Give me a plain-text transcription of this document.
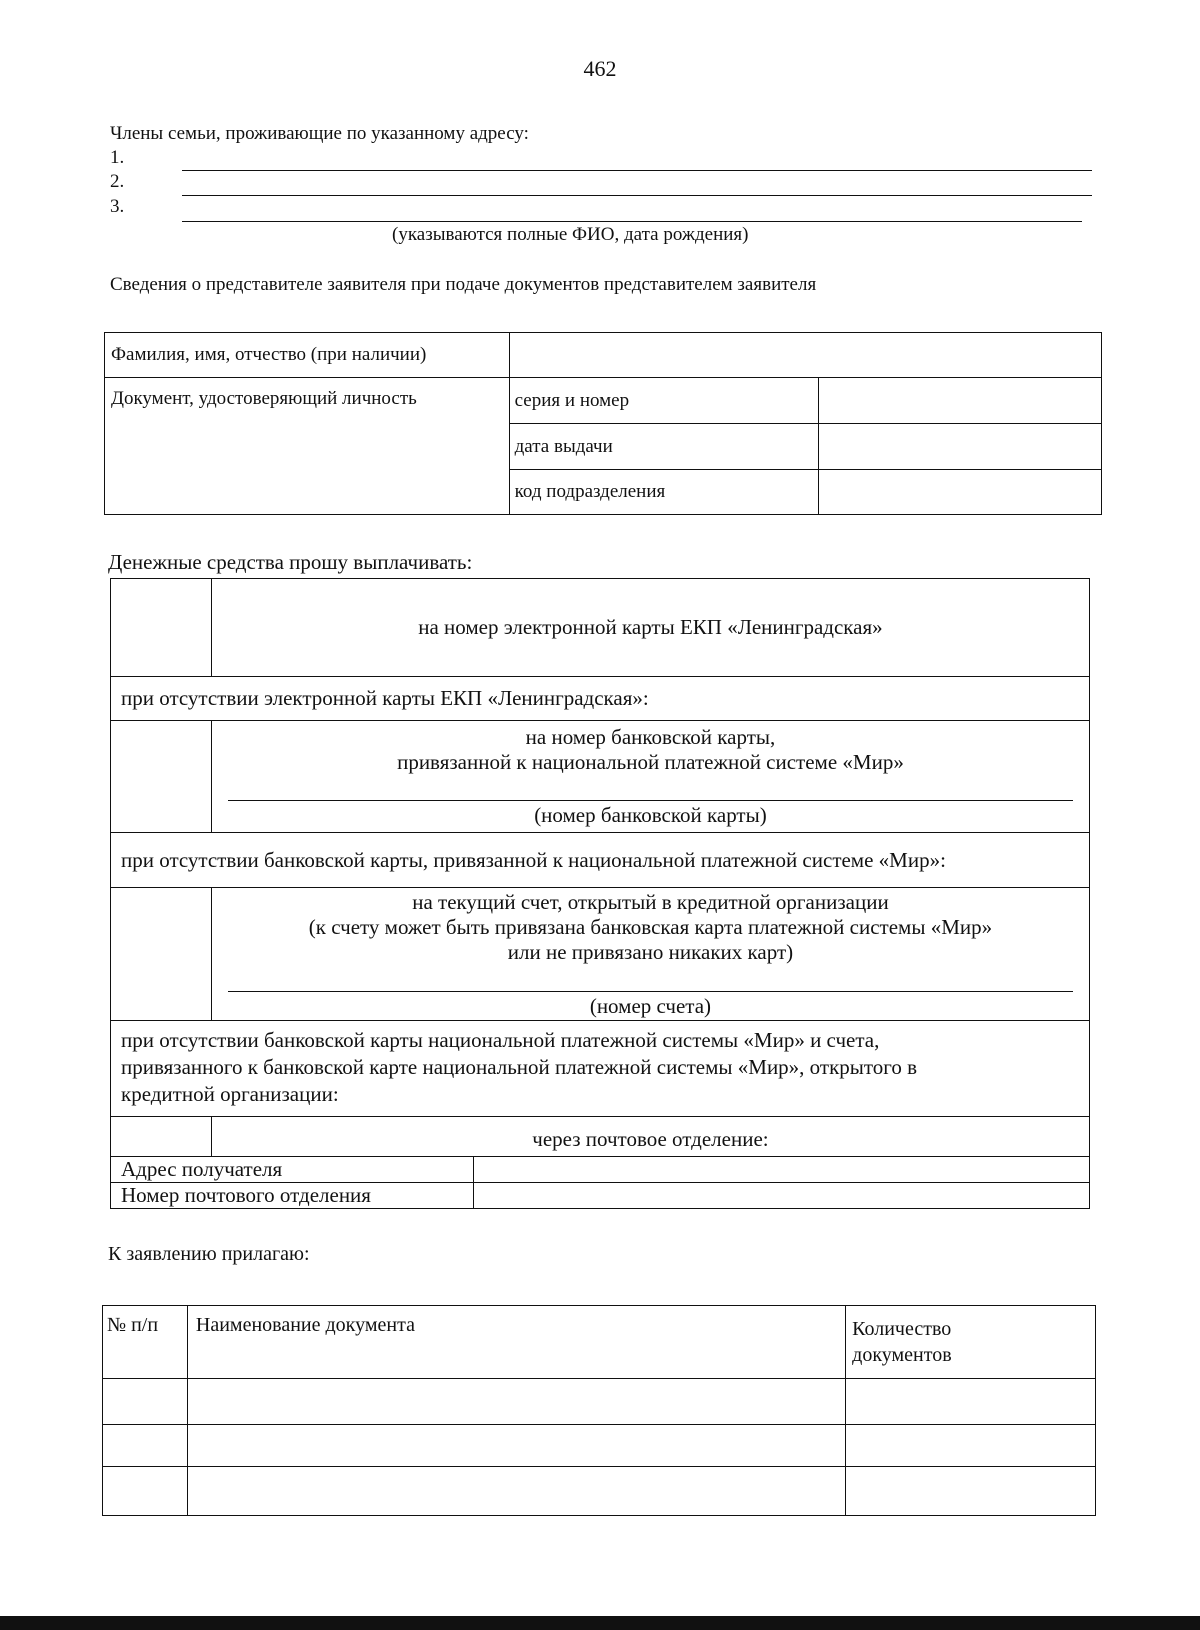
462
Члены семьи, проживающие по указанному адресу:
1.
2.
3.
(указываются полные ФИО, дата рождения)
Сведения о представителе заявителя при подаче документов представителем заявителя
Фамилия, имя, отчество (при наличии)		
Документ, удостоверяющий личность	серия и номер	
	дата выдачи	
	код подразделения	
Денежные средства прошу выплачивать:
	на номер электронной карты ЕКП «Ленинградская»	
при отсутствии электронной карты ЕКП «Ленинградская»:		

	на номер банковской карты,
привязанной к национальной платежной системе «Мир»
(номер банковской карты)	

при отсутствии банковской карты, привязанной к национальной платежной системе «Мир»:		

	на текущий счет, открытый в кредитной организации
(к счету может быть привязана банковская карта платежной системы «Мир»
или не привязано никаких карт)
(номер счета)	

при отсутствии банковской карты национальной платежной системы «Мир» и счета,
привязанного к банковской карте национальной платежной системы «Мир», открытого в
кредитной организации:		

	через почтовое отделение:	
Адрес получателя		
Номер почтового отделения		
К заявлению прилагаю:
№ п/п	Наименование документа	Количество
документов
